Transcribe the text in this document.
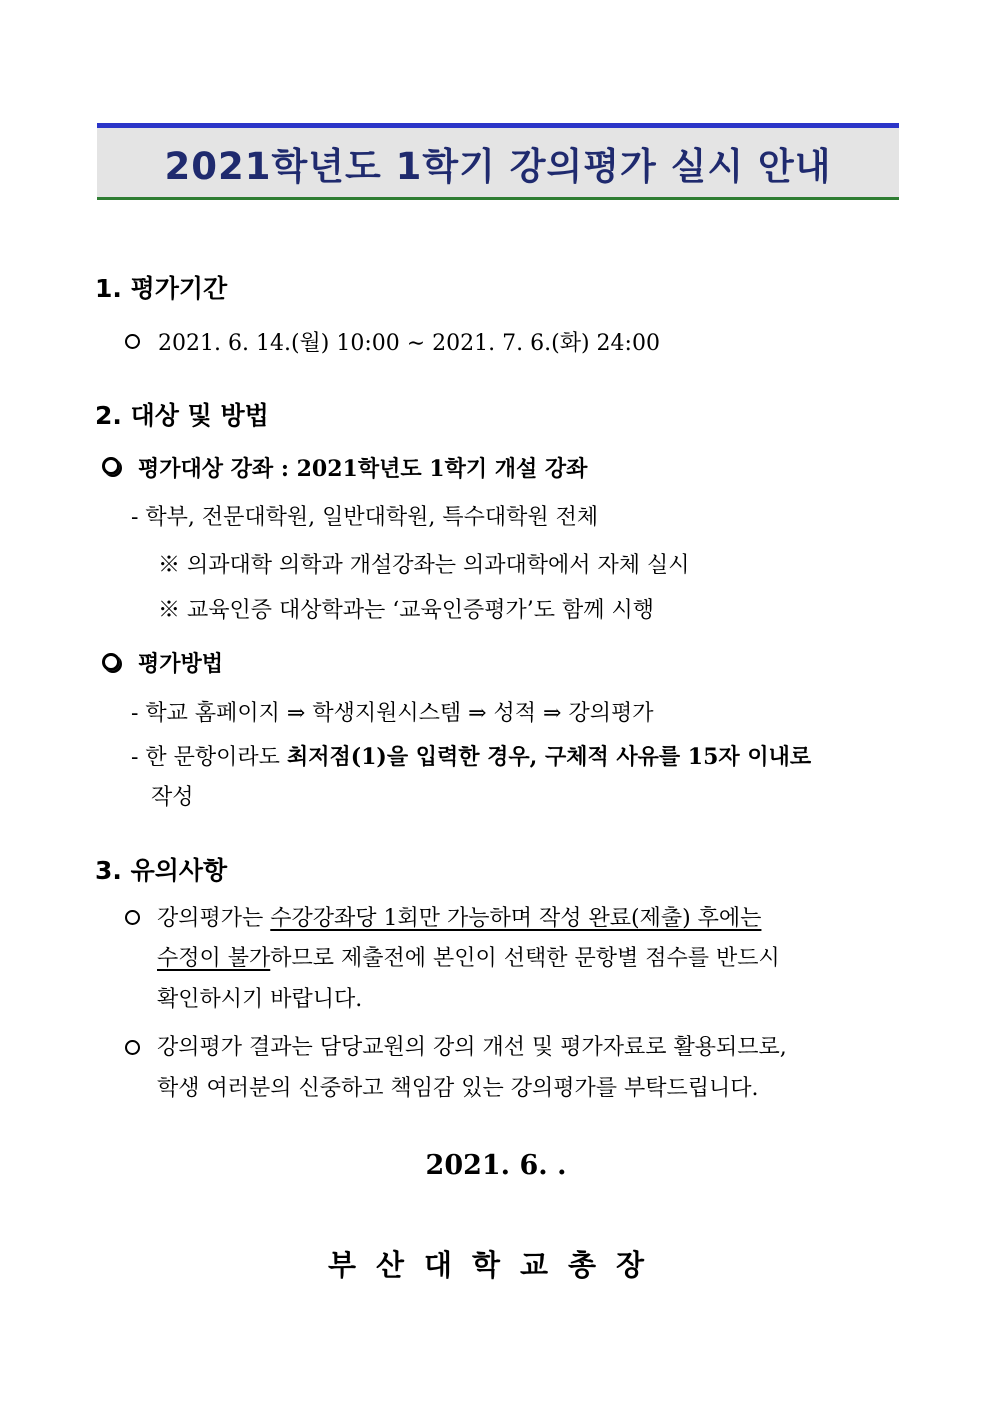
2021학년도 1학기 강의평가 실시 안내
1. 평가기간
2021. 6. 14.(월) 10:00 ∼ 2021. 7. 6.(화) 24:00
2. 대상 및 방법
평가대상 강좌 : 2021학년도 1학기 개설 강좌
- 학부, 전문대학원, 일반대학원, 특수대학원 전체
※ 의과대학 의학과 개설강좌는 의과대학에서 자체 실시
※ 교육인증 대상학과는 ‘교육인증평가’도 함께 시행
평가방법
- 학교 홈페이지 ⇒ 학생지원시스템 ⇒ 성적 ⇒ 강의평가
- 한 문항이라도 최저점(1)을 입력한 경우, 구체적 사유를 15자 이내로
작성
3. 유의사항
강의평가는 수강강좌당 1회만 가능하며 작성 완료(제출) 후에는
수정이 불가하므로 제출전에 본인이 선택한 문항별 점수를 반드시
확인하시기 바랍니다.
강의평가 결과는 담당교원의 강의 개선 및 평가자료로 활용되므로,
학생 여러분의 신중하고 책임감 있는 강의평가를 부탁드립니다.
2021. 6. .
부산대학교총장
